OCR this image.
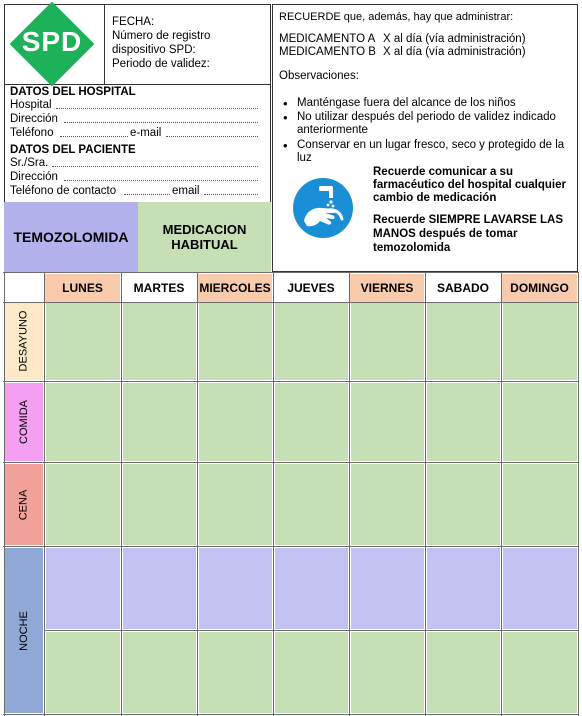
SPD
FECHA:
Número de registro
dispositivo SPD:
Periodo de validez:
DATOS DEL HOSPITAL
Hospital
Dirección
Teléfono	e-mail
DATOS DEL PACIENTE
Sr./Sra.
Dirección
Teléfono de contacto	email
TEMOZOLOMIDA	MEDICACION
HABITUAL
RECUERDE que, además, hay que administrar:
MEDICAMENTO A X al día (vía administración)
MEDICAMENTO B X al día (vía administración)
Observaciones:
• Manténgase fuera del alcance de los niños
• No utilizar después del periodo de validez indicado
anteriormente
• Conservar en un lugar fresco, seco y protegido de la
luz
Recuerde comunicar a su
farmacéutico del hospital cualquier
cambio de medicación
Recuerde SIEMPRE LAVARSE LAS
MANOS después de tomar
temozolomida
LUNES	MARTES	MIERCOLES	JUEVES	VIERNES	SABADO	DOMINGO
DESAYUNO
COMIDA
CENA
NOCHE
